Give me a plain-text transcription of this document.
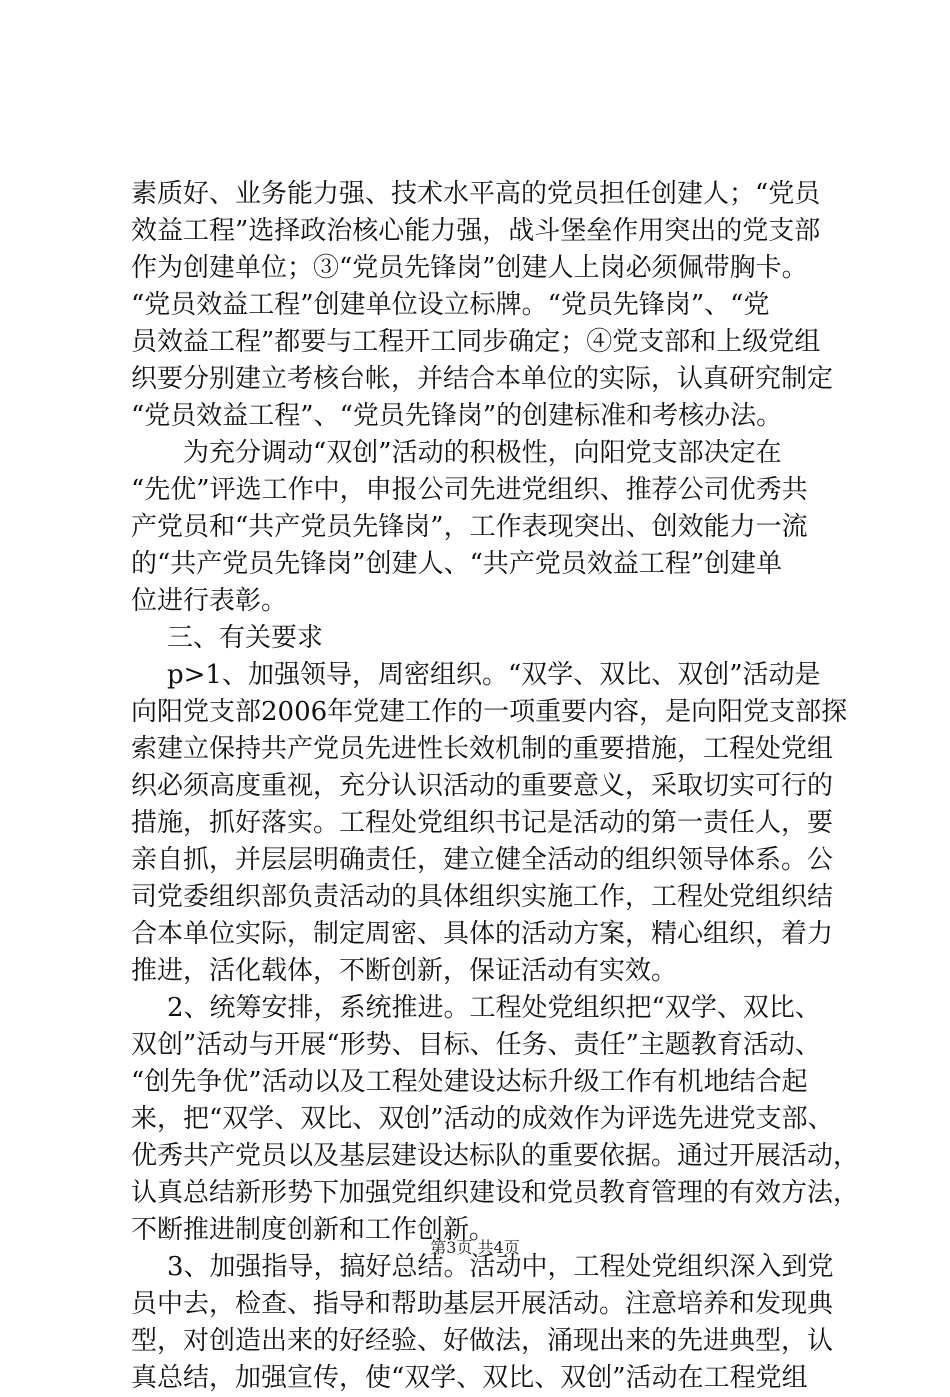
素质好、业务能力强、技术水平高的党员担任创建人；“党员
效益工程”选择政治核心能力强，战斗堡垒作用突出的党支部
作为创建单位；③“党员先锋岗”创建人上岗必须佩带胸卡。
“党员效益工程”创建单位设立标牌。“党员先锋岗”、“党
员效益工程”都要与工程开工同步确定；④党支部和上级党组
织要分别建立考核台帐，并结合本单位的实际，认真研究制定
“党员效益工程”、“党员先锋岗”的创建标准和考核办法。
　为充分调动“双创”活动的积极性，向阳党支部决定在
“先优”评选工作中，申报公司先进党组织、推荐公司优秀共
产党员和“共产党员先锋岗”，工作表现突出、创效能力一流
的“共产党员先锋岗”创建人、“共产党员效益工程”创建单
位进行表彰。
三、有关要求
p>1、加强领导，周密组织。“双学、双比、双创”活动是
向阳党支部2006年党建工作的一项重要内容，是向阳党支部探
索建立保持共产党员先进性长效机制的重要措施，工程处党组
织必须高度重视，充分认识活动的重要意义，采取切实可行的
措施，抓好落实。工程处党组织书记是活动的第一责任人，要
亲自抓，并层层明确责任，建立健全活动的组织领导体系。公
司党委组织部负责活动的具体组织实施工作，工程处党组织结
合本单位实际，制定周密、具体的活动方案，精心组织，着力
推进，活化载体，不断创新，保证活动有实效。
2、统筹安排，系统推进。工程处党组织把“双学、双比、
双创”活动与开展“形势、目标、任务、责任”主题教育活动、
“创先争优”活动以及工程处建设达标升级工作有机地结合起
来，把“双学、双比、双创”活动的成效作为评选先进党支部、
优秀共产党员以及基层建设达标队的重要依据。通过开展活动，
认真总结新形势下加强党组织建设和党员教育管理的有效方法，
不断推进制度创新和工作创新。
3、加强指导，搞好总结。活动中，工程处党组织深入到党
员中去，检查、指导和帮助基层开展活动。注意培养和发现典
型，对创造出来的好经验、好做法，涌现出来的先进典型，认
真总结，加强宣传，使“双学、双比、双创”活动在工程党组
第3页 共4页
